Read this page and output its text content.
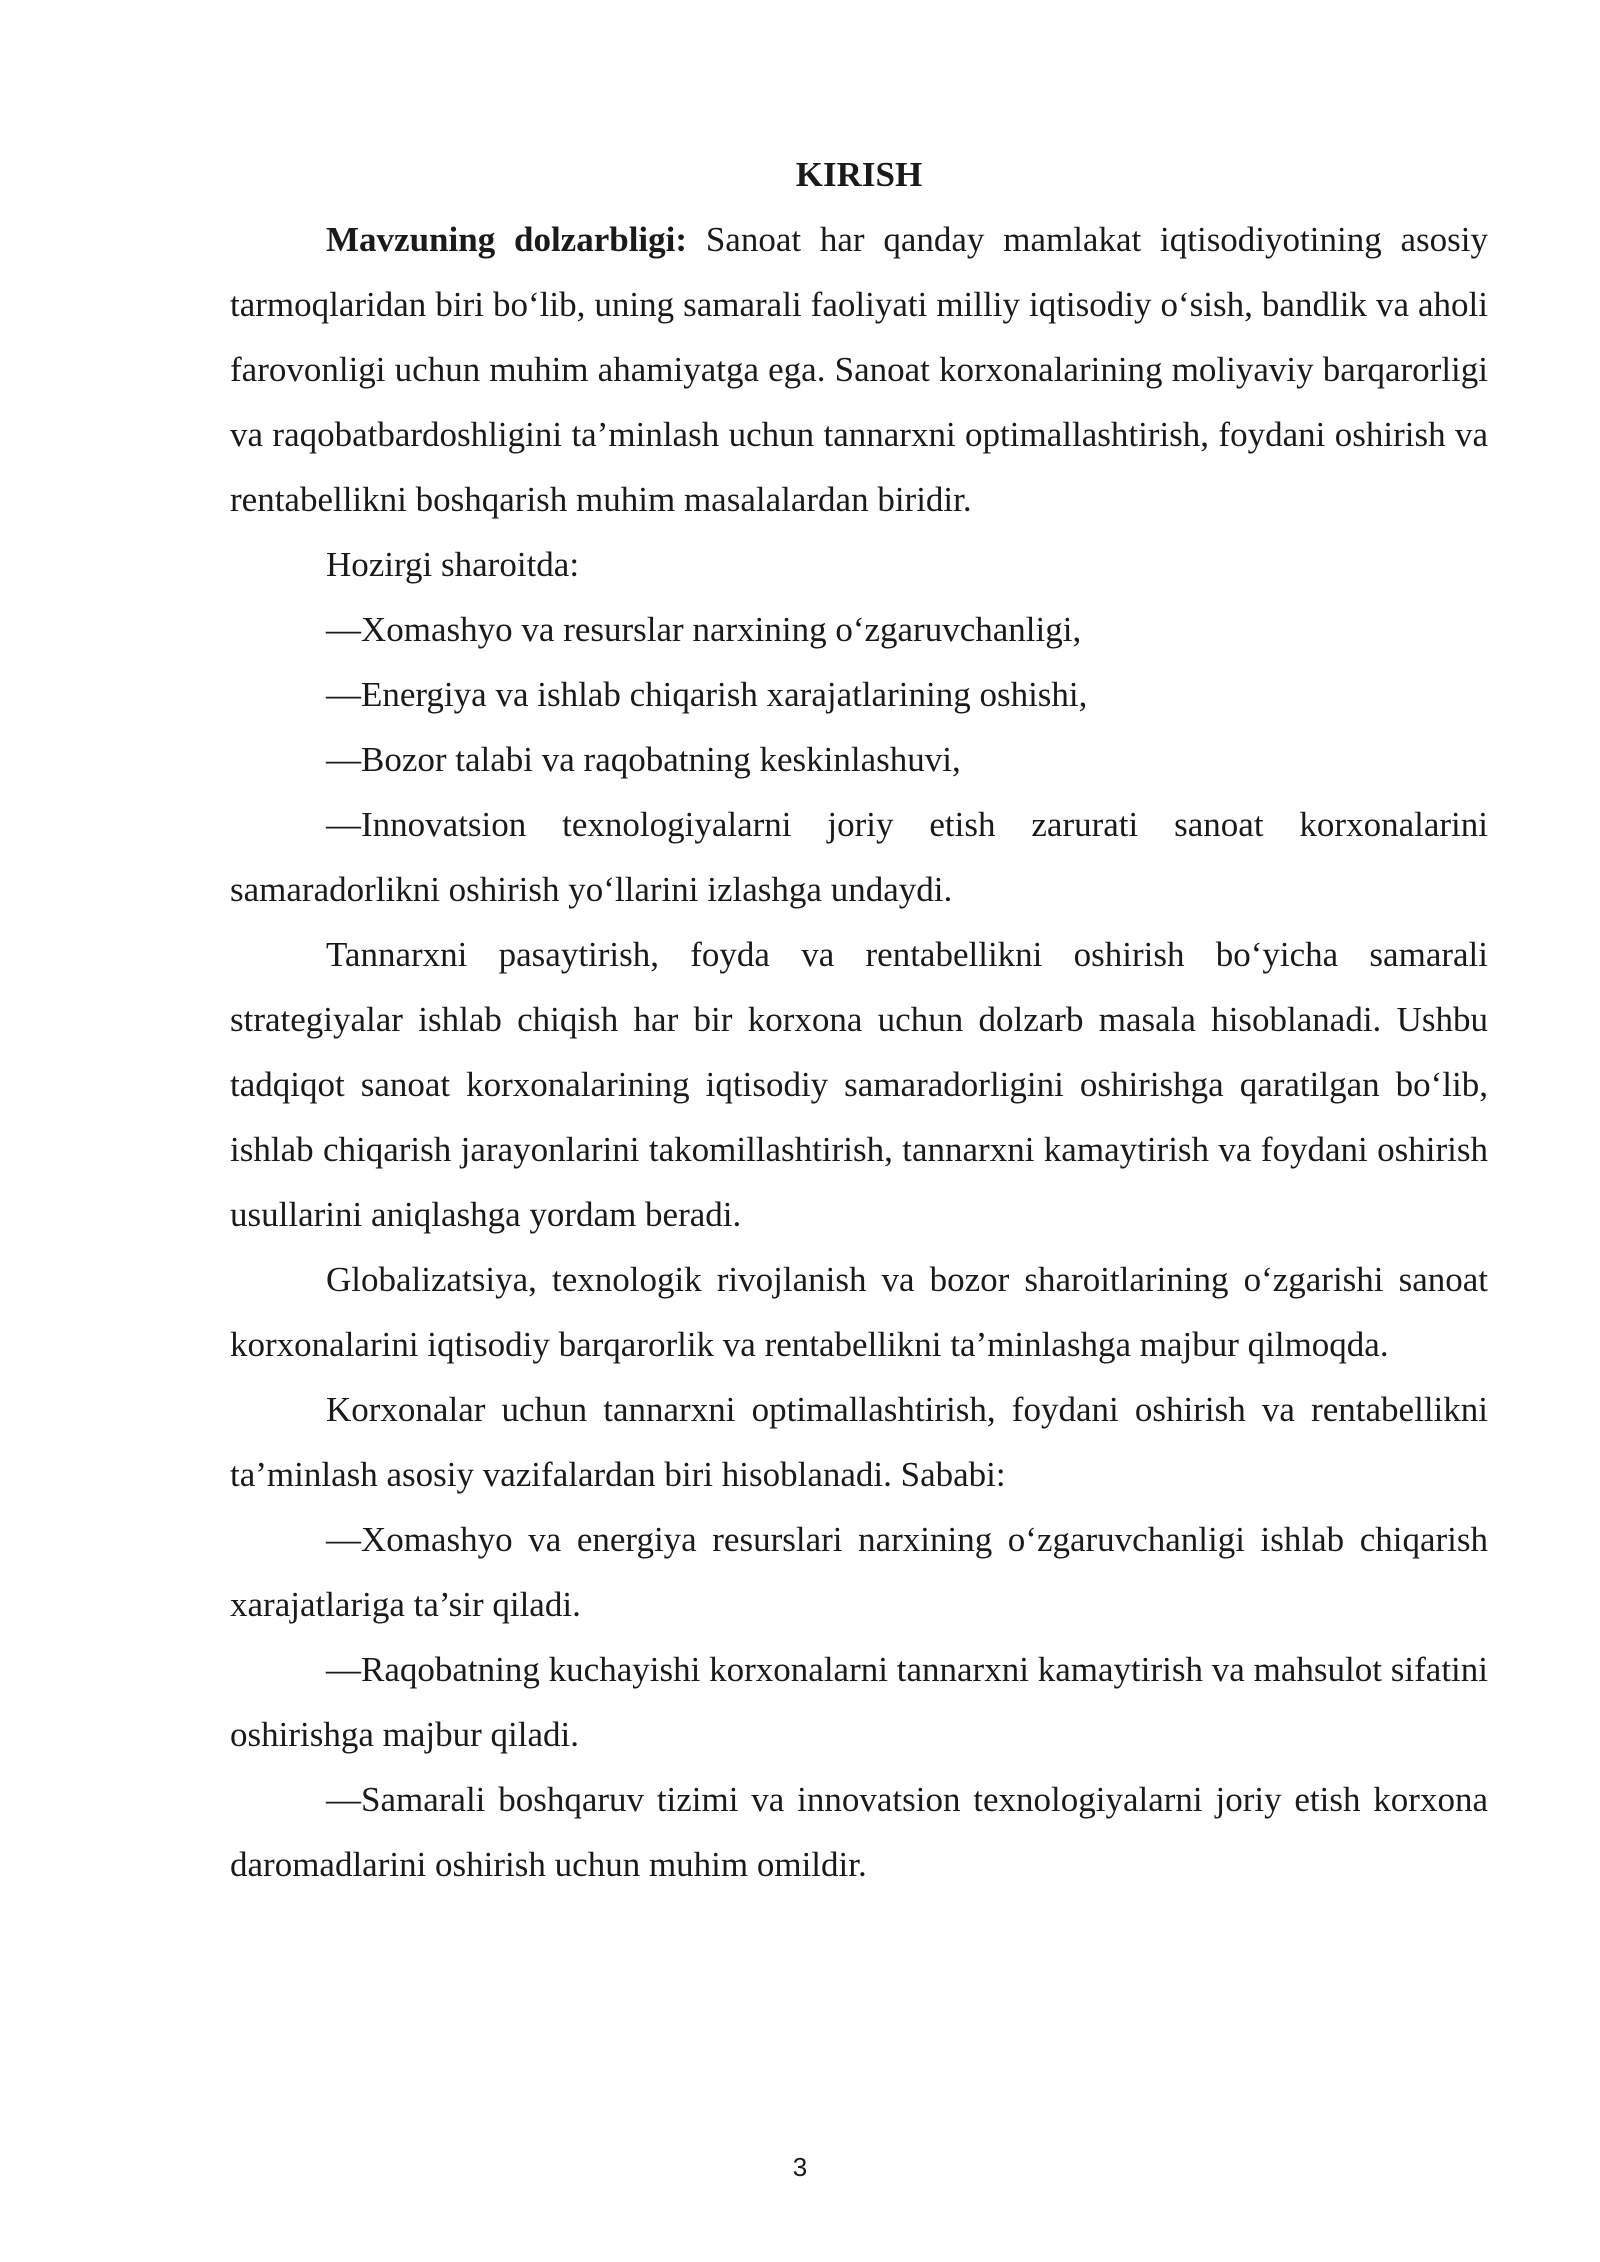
KIRISH

Mavzuning dolzarbligi: Sanoat har qanday mamlakat iqtisodiyotining asosiy tarmoqlaridan biri bo‘lib, uning samarali faoliyati milliy iqtisodiy o‘sish, bandlik va aholi farovonligi uchun muhim ahamiyatga ega. Sanoat korxonalarining moliyaviy barqarorligi va raqobatbardoshligini ta’minlash uchun tannarxni optimallashtirish, foydani oshirish va rentabellikni boshqarish muhim masalalardan biridir.

Hozirgi sharoitda:

—Xomashyo va resurslar narxining o‘zgaruvchanligi,

—Energiya va ishlab chiqarish xarajatlarining oshishi,

—Bozor talabi va raqobatning keskinlashuvi,

—Innovatsion texnologiyalarni joriy etish zarurati sanoat korxonalarini samaradorlikni oshirish yo‘llarini izlashga undaydi.

Tannarxni pasaytirish, foyda va rentabellikni oshirish bo‘yicha samarali strategiyalar ishlab chiqish har bir korxona uchun dolzarb masala hisoblanadi. Ushbu tadqiqot sanoat korxonalarining iqtisodiy samaradorligini oshirishga qaratilgan bo‘lib, ishlab chiqarish jarayonlarini takomillashtirish, tannarxni kamaytirish va foydani oshirish usullarini aniqlashga yordam beradi.

Globalizatsiya, texnologik rivojlanish va bozor sharoitlarining o‘zgarishi sanoat korxonalarini iqtisodiy barqarorlik va rentabellikni ta’minlashga majbur qilmoqda.

Korxonalar uchun tannarxni optimallashtirish, foydani oshirish va rentabellikni ta’minlash asosiy vazifalardan biri hisoblanadi. Sababi:

—Xomashyo va energiya resurslari narxining o‘zgaruvchanligi ishlab chiqarish xarajatlariga ta’sir qiladi.

—Raqobatning kuchayishi korxonalarni tannarxni kamaytirish va mahsulot sifatini oshirishga majbur qiladi.

—Samarali boshqaruv tizimi va innovatsion texnologiyalarni joriy etish korxona daromadlarini oshirish uchun muhim omildir.

3
